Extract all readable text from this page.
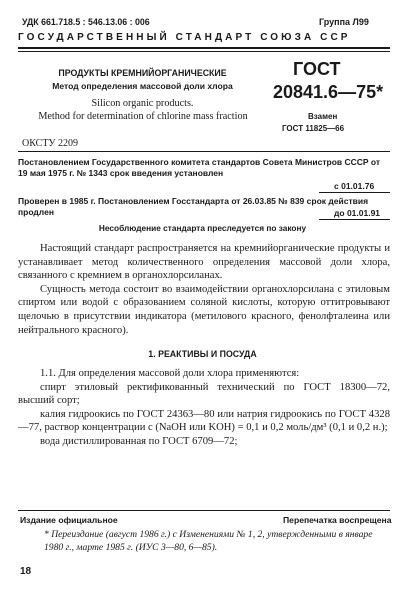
УДК 661.718.5 : 546.13.06 : 006	Группа Л99
ГОСУДАРСТВЕННЫЙ СТАНДАРТ СОЮЗА ССР
ПРОДУКТЫ КРЕМНИЙОРГАНИЧЕСКИЕ
Метод определения массовой доли хлора
Silicon organic products.
Method for determination of chlorine mass fraction
ГОСТ
20841.6—75*
Взамен
ГОСТ 11825—66
ОКСТУ 2209
Постановлением Государственного комитета стандартов Совета Министров СССР от 19 мая 1975 г. № 1343 срок введения установлен
с 01.01.76
Проверен в 1985 г. Постановлением Госстандарта от 26.03.85 № 839 срок действия продлен	до 01.01.91
Несоблюдение стандарта преследуется по закону

Настоящий стандарт распространяется на кремнийорганические продукты и устанавливает метод количественного определения массовой доли хлора, связанного с кремнием в органохлорсиланах.

Сущность метода состоит во взаимодействии органохлорсиланa с этиловым спиртом или водой с образованием соляной кислоты, которую оттитровывают щелочью в присутствии индикатора (метилового красного, фенолфталеина или нейтрального красного).

1. РЕАКТИВЫ И ПОСУДА

1.1. Для определения массовой доли хлора применяются:

спирт этиловый ректификованный технический по ГОСТ 18300—72, высший сорт;

калия гидроокись по ГОСТ 24363—80 или натрия гидроокись по ГОСТ 4328—77, раствор концентрации с (NaOH или KOH) = 0,1 и 0,2 моль/дм³ (0,1 и 0,2 н.);

вода дистиллированная по ГОСТ 6709—72;

Издание официальное	Перепечатка воспрещена
* Переиздание (август 1986 г.) с Изменениями № 1, 2, утвержденными в январе 1980 г., марте 1985 г. (ИУС 3—80, 6—85).
18
